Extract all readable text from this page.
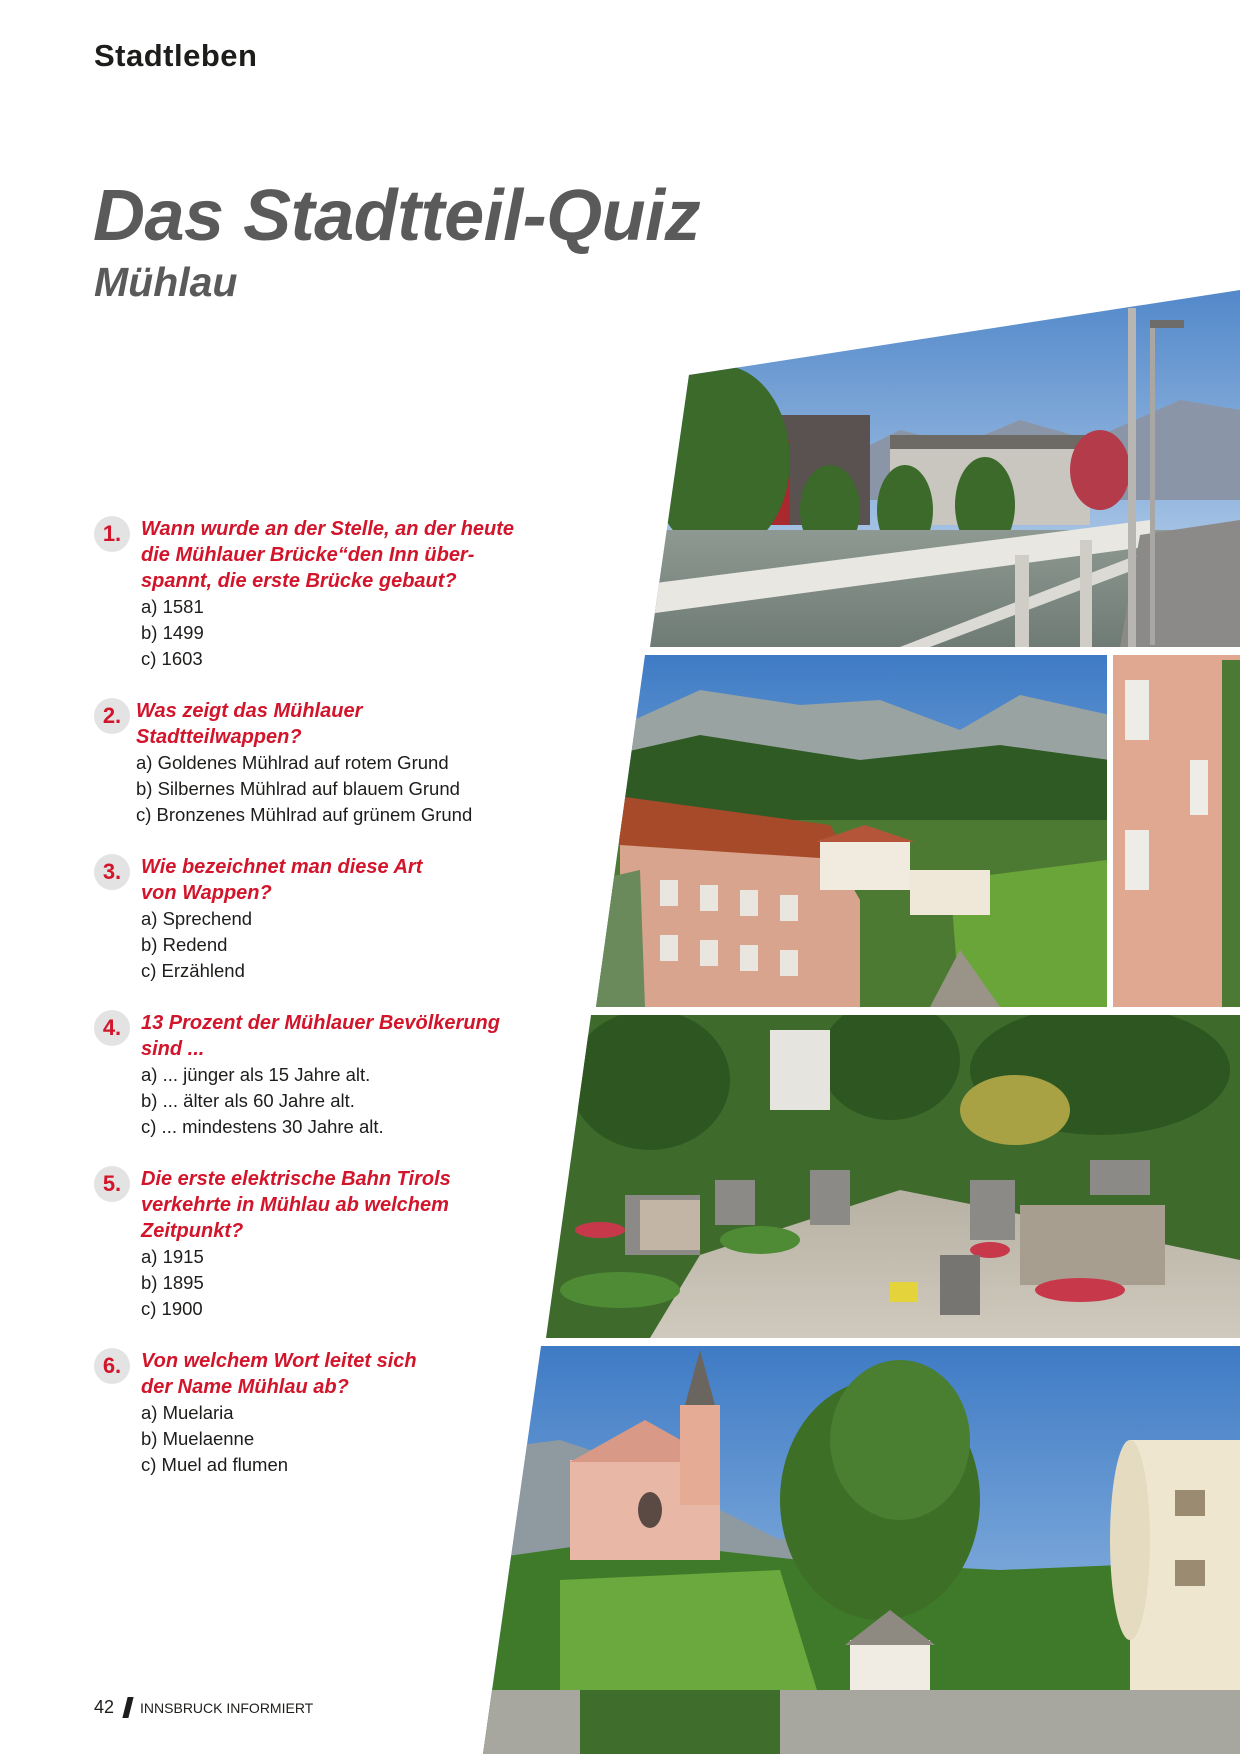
Stadtleben
Das Stadtteil-Quiz
Mühlau
1. Wann wurde an der Stelle, an der heute
die Mühlauer Brücke“den Inn über-
spannt, die erste Brücke gebaut?
a) 1581
b) 1499
c) 1603
2. Was zeigt das Mühlauer
Stadtteilwappen?
a) Goldenes Mühlrad auf rotem Grund
b) Silbernes Mühlrad auf blauem Grund
c) Bronzenes Mühlrad auf grünem Grund
3. Wie bezeichnet man diese Art
von Wappen?
a) Sprechend
b) Redend
c) Erzählend
4. 13 Prozent der Mühlauer Bevölkerung
sind ...
a) ... jünger als 15 Jahre alt.
b) ... älter als 60 Jahre alt.
c) ... mindestens 30 Jahre alt.
5. Die erste elektrische Bahn Tirols
verkehrte in Mühlau ab welchem
Zeitpunkt?
a) 1915
b) 1895
c) 1900
6. Von welchem Wort leitet sich
der Name Mühlau ab?
a) Muelaria
b) Muelaenne
c) Muel ad flumen
42 INNSBRUCK INFORMIERT
